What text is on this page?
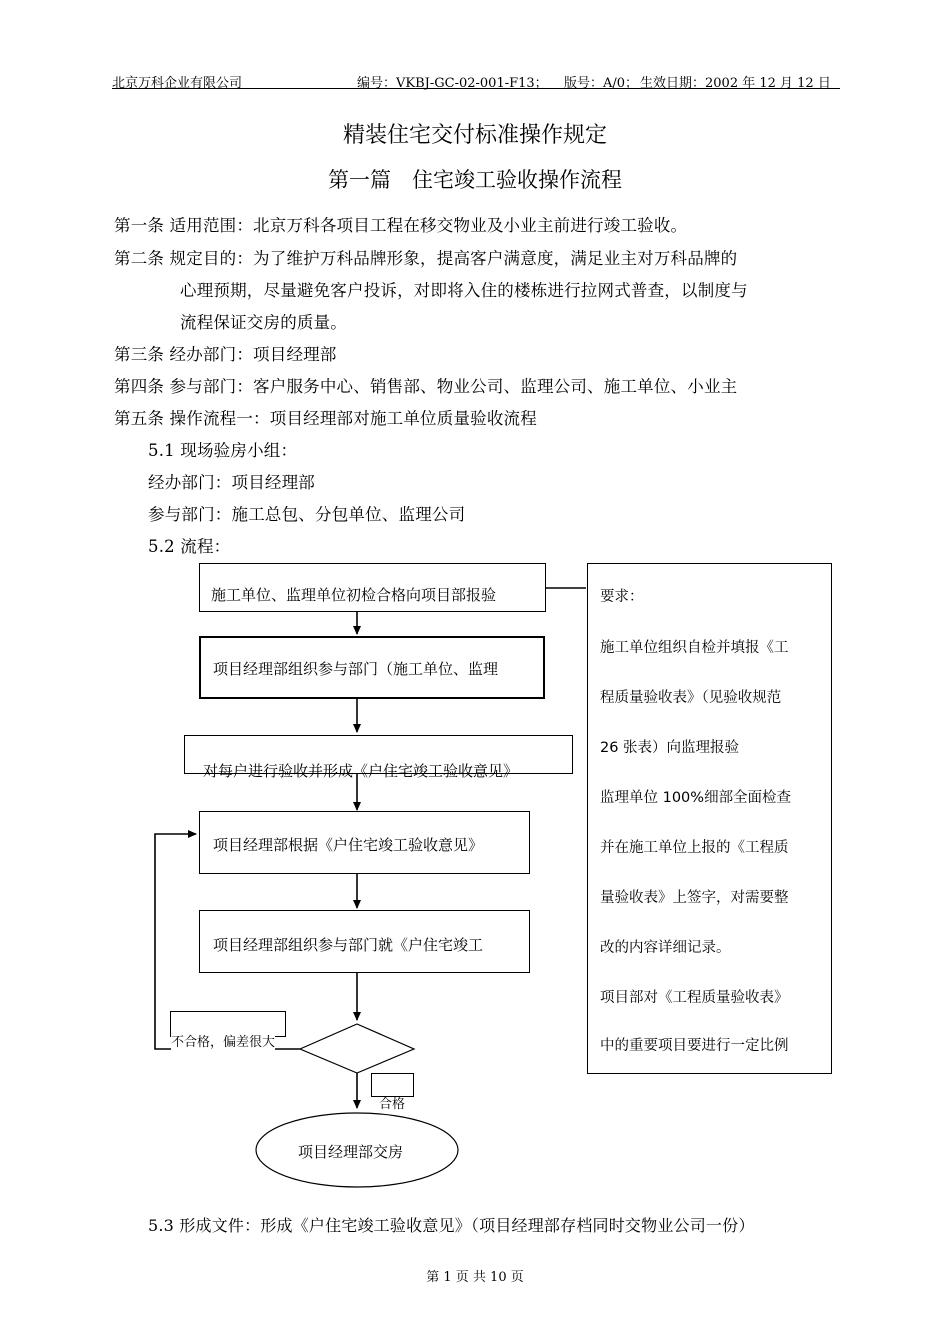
北京万科企业有限公司	编号：VKBJ-GC-02-001-F13； 版号：A/0； 生效日期：2002 年 12 月 12 日
精装住宅交付标准操作规定
第一篇　住宅竣工验收操作流程
第一条 适用范围：北京万科各项目工程在移交物业及小业主前进行竣工验收。
第二条 规定目的：为了维护万科品牌形象，提高客户满意度，满足业主对万科品牌的
心理预期，尽量避免客户投诉，对即将入住的楼栋进行拉网式普查，以制度与
流程保证交房的质量。
第三条 经办部门：项目经理部
第四条 参与部门：客户服务中心、销售部、物业公司、监理公司、施工单位、小业主
第五条 操作流程一：项目经理部对施工单位质量验收流程
5.1 现场验房小组：
经办部门：项目经理部
参与部门：施工总包、分包单位、监理公司
5.2 流程：
施工单位、监理单位初检合格向项目部报验
项目经理部组织参与部门（施工单位、监理
对每户进行验收并形成《户住宅竣工验收意见》
项目经理部根据《户住宅竣工验收意见》
项目经理部组织参与部门就《户住宅竣工
不合格，偏差很大
合格
项目经理部交房
要求：
施工单位组织自检并填报《工
程质量验收表》（见验收规范
26 张表）向监理报验
监理单位 100%细部全面检查
并在施工单位上报的《工程质
量验收表》上签字，对需要整
改的内容详细记录。
项目部对《工程质量验收表》
中的重要项目要进行一定比例
5.3 形成文件：形成《户住宅竣工验收意见》（项目经理部存档同时交物业公司一份）
第 1 页 共 10 页
